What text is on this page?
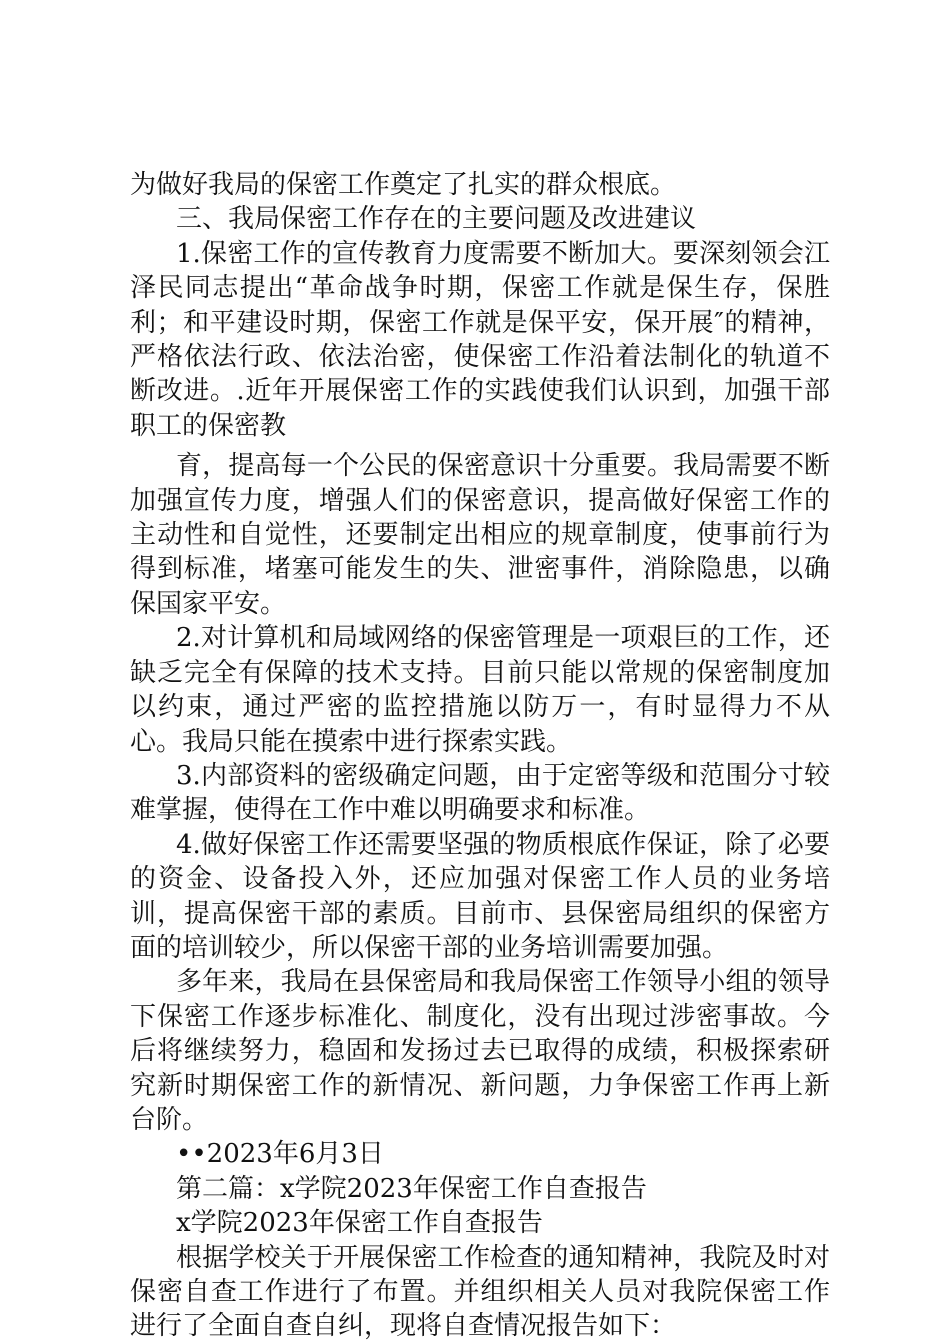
为做好我局的保密工作奠定了扎实的群众根底。

三、我局保密工作存在的主要问题及改进建议

1.保密工作的宣传教育力度需要不断加大。要深刻领会江泽民同志提出“革命战争时期，保密工作就是保生存，保胜利；和平建设时期，保密工作就是保平安，保开展″的精神，严格依法行政、依法治密，使保密工作沿着法制化的轨道不断改进。.近年开展保密工作的实践使我们认识到，加强干部职工的保密教

育，提高每一个公民的保密意识十分重要。我局需要不断加强宣传力度，增强人们的保密意识，提高做好保密工作的主动性和自觉性，还要制定出相应的规章制度，使事前行为得到标准，堵塞可能发生的失、泄密事件，消除隐患，以确保国家平安。

2.对计算机和局域网络的保密管理是一项艰巨的工作，还缺乏完全有保障的技术支持。目前只能以常规的保密制度加以约束，通过严密的监控措施以防万一，有时显得力不从心。我局只能在摸索中进行探索实践。

3.内部资料的密级确定问题，由于定密等级和范围分寸较难掌握，使得在工作中难以明确要求和标准。

4.做好保密工作还需要坚强的物质根底作保证，除了必要的资金、设备投入外，还应加强对保密工作人员的业务培训，提高保密干部的素质。目前市、县保密局组织的保密方面的培训较少，所以保密干部的业务培训需要加强。

多年来，我局在县保密局和我局保密工作领导小组的领导下保密工作逐步标准化、制度化，没有出现过涉密事故。今后将继续努力，稳固和发扬过去已取得的成绩，积极探索研究新时期保密工作的新情况、新问题，力争保密工作再上新台阶。

••2023年6月3日

第二篇：x学院2023年保密工作自查报告

x学院2023年保密工作自查报告

根据学校关于开展保密工作检查的通知精神，我院及时对保密自查工作进行了布置。并组织相关人员对我院保密工作进行了全面自查自纠，现将自查情况报告如下：
